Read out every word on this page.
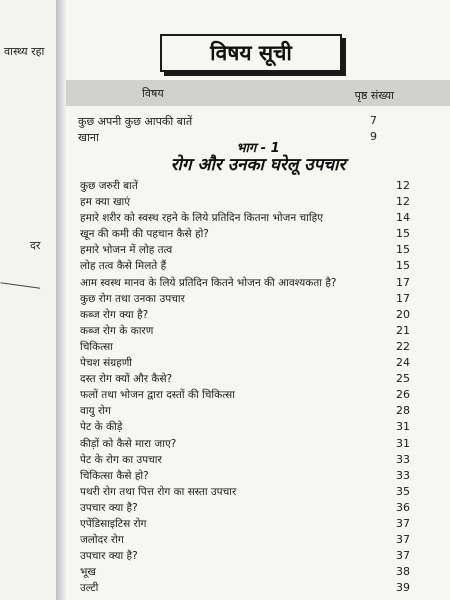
वास्थ्य रहा
दर
विषय सूची
विषय	पृष्ठ संख्या
कुछ अपनी कुछ आपकी बातें	7
खाना	9
भाग - 1
रोग और उनका घरेलू उपचार
कुछ जरुरी बातें	12
हम क्या खाएं	12
हमारे शरीर को स्वस्थ रहने के लिये प्रतिदिन कितना भोजन चाहिए	14
खून की कमी की पहचान कैसे हो?	15
हमारे भोजन में लोह तत्व	15
लोह तत्व कैसे मिलते हैं	15
आम स्वस्थ मानव के लिये प्रतिदिन कितने भोजन की आवश्यकता है?	17
कुछ रोग तथा उनका उपचार	17
कब्ज रोग क्या है?	20
कब्ज रोग के कारण	21
चिकित्सा	22
पेचश संग्रहणी	24
दस्त रोग क्यों और कैसे?	25
फलों तथा भोजन द्वारा दस्तों की चिकित्सा	26
वायु रोग	28
पेट के कीड़े	31
कीड़ों को कैसे मारा जाए?	31
पेट के रोग का उपचार	33
चिकित्सा कैसे हो?	33
पथरी रोग तथा पित्त रोग का सस्ता उपचार	35
उपचार क्या है?	36
एपेंडिसाइटिस रोग	37
जलोदर रोग	37
उपचार क्या है?	37
भूख	38
उल्टी	39
